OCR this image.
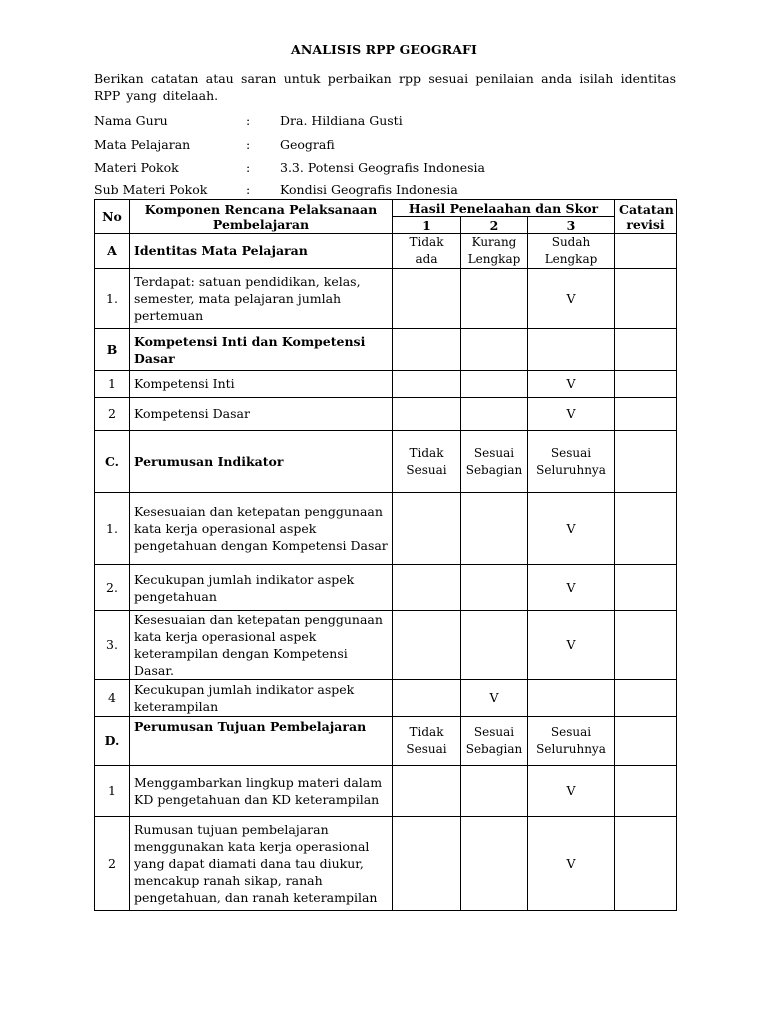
ANALISIS RPP GEOGRAFI
Berikan catatan atau saran untuk perbaikan rpp sesuai penilaian anda isilah identitas RPP yang ditelaah.
Nama Guru	: Dra. Hildiana Gusti
Mata Pelajaran	: Geografi
Materi Pokok	: 3.3. Potensi Geografis Indonesia
Sub Materi Pokok	: Kondisi Geografis Indonesia
No	Komponen Rencana Pelaksanaan Pembelajaran	Hasil Penelaahan dan Skor			Catatan revisi
		1	2	3	
A	Identitas Mata Pelajaran	Tidak ada	Kurang Lengkap	Sudah Lengkap	
1.	Terdapat: satuan pendidikan, kelas, semester, mata pelajaran jumlah pertemuan			V	
B	Kompetensi Inti dan Kompetensi Dasar				
1	Kompetensi Inti			V	
2	Kompetensi Dasar			V	
C.	Perumusan Indikator	Tidak Sesuai	Sesuai Sebagian	Sesuai Seluruhnya	
1.	Kesesuaian dan ketepatan penggunaan kata kerja operasional aspek pengetahuan dengan Kompetensi Dasar			V	
2.	Kecukupan jumlah indikator aspek pengetahuan			V	
3.	Kesesuaian dan ketepatan penggunaan kata kerja operasional aspek keterampilan dengan Kompetensi Dasar.			V	
4	Kecukupan jumlah indikator aspek keterampilan		V		
D.	Perumusan Tujuan Pembelajaran	Tidak Sesuai	Sesuai Sebagian	Sesuai Seluruhnya	
1	Menggambarkan lingkup materi dalam KD pengetahuan dan KD keterampilan			V	
2	Rumusan tujuan pembelajaran menggunakan kata kerja operasional yang dapat diamati dana tau diukur, mencakup ranah sikap, ranah pengetahuan, dan ranah keterampilan			V	
